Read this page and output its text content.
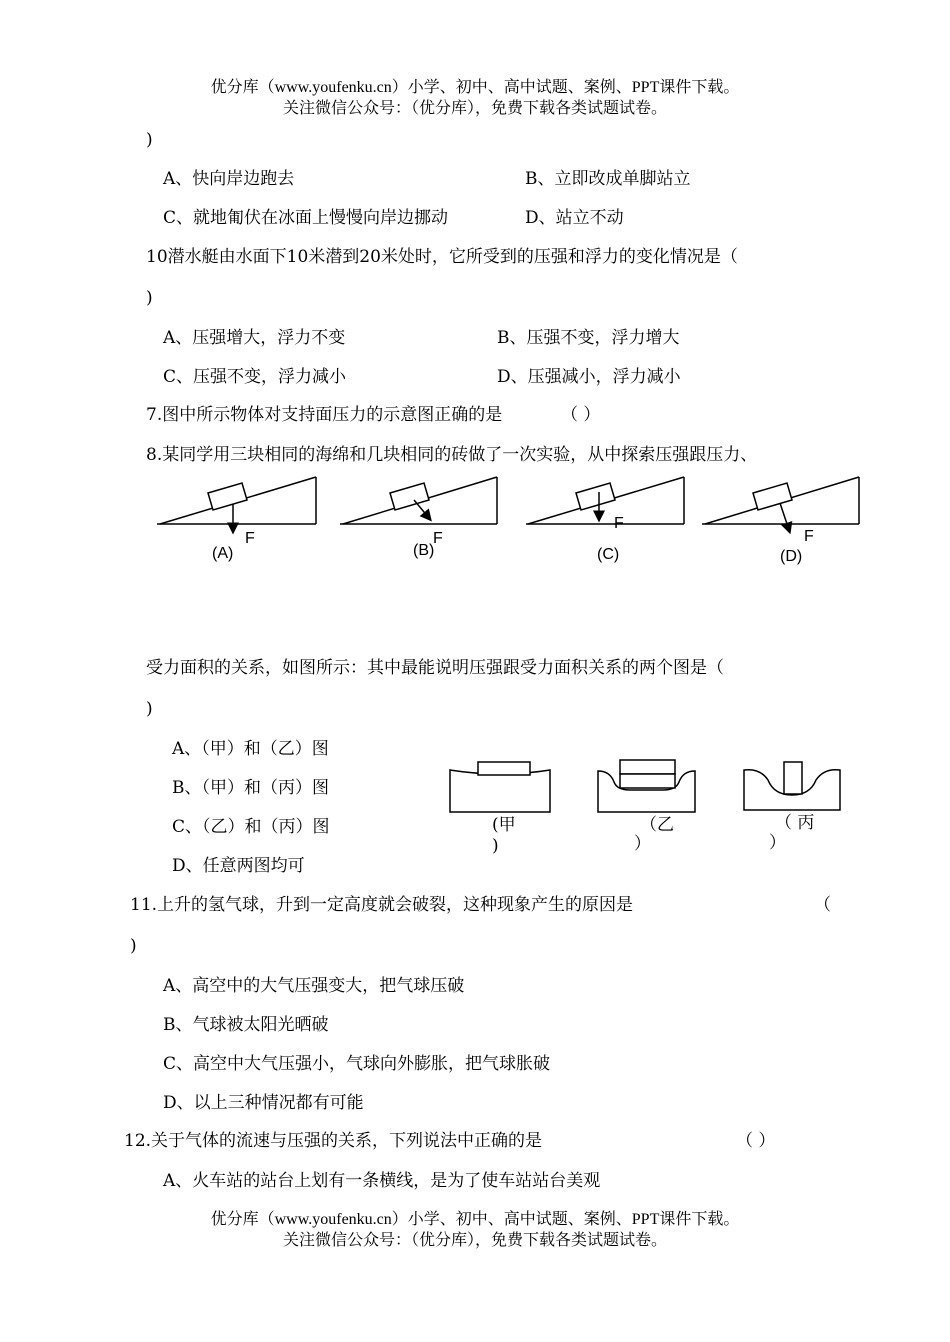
优分库（www.youfenku.cn）小学、初中、高中试题、案例、PPT课件下载。
关注微信公众号：（优分库），免费下载各类试题试卷。
)
A、快向岸边跑去	B、立即改成单脚站立
C、就地匍伏在冰面上慢慢向岸边挪动	D、站立不动
10潜水艇由水面下10米潜到20米处时，它所受到的压强和浮力的变化情况是（
)
A、压强增大，浮力不变	B、压强不变，浮力增大
C、压强不变，浮力减小	D、压强减小，浮力减小
7.图中所示物体对支持面压力的示意图正确的是	（ ）
8.某同学用三块相同的海绵和几块相同的砖做了一次实验，从中探索压强跟压力、
F
(A)
F
(B)
F
(C)
F
(D)
受力面积的关系，如图所示：其中最能说明压强跟受力面积关系的两个图是（
)
A、（甲）和（乙）图
B、（甲）和（丙）图
C、（乙）和（丙）图
D、任意两图均可
(甲
)
（乙
）
（ 丙
）
11.上升的氢气球，升到一定高度就会破裂，这种现象产生的原因是	（
)
A、高空中的大气压强变大，把气球压破
B、气球被太阳光晒破
C、高空中大气压强小，气球向外膨胀，把气球胀破
D、以上三种情况都有可能
12.关于气体的流速与压强的关系，下列说法中正确的是	（ ）
A、火车站的站台上划有一条横线，是为了使车站站台美观
优分库（www.youfenku.cn）小学、初中、高中试题、案例、PPT课件下载。
关注微信公众号：（优分库），免费下载各类试题试卷。
